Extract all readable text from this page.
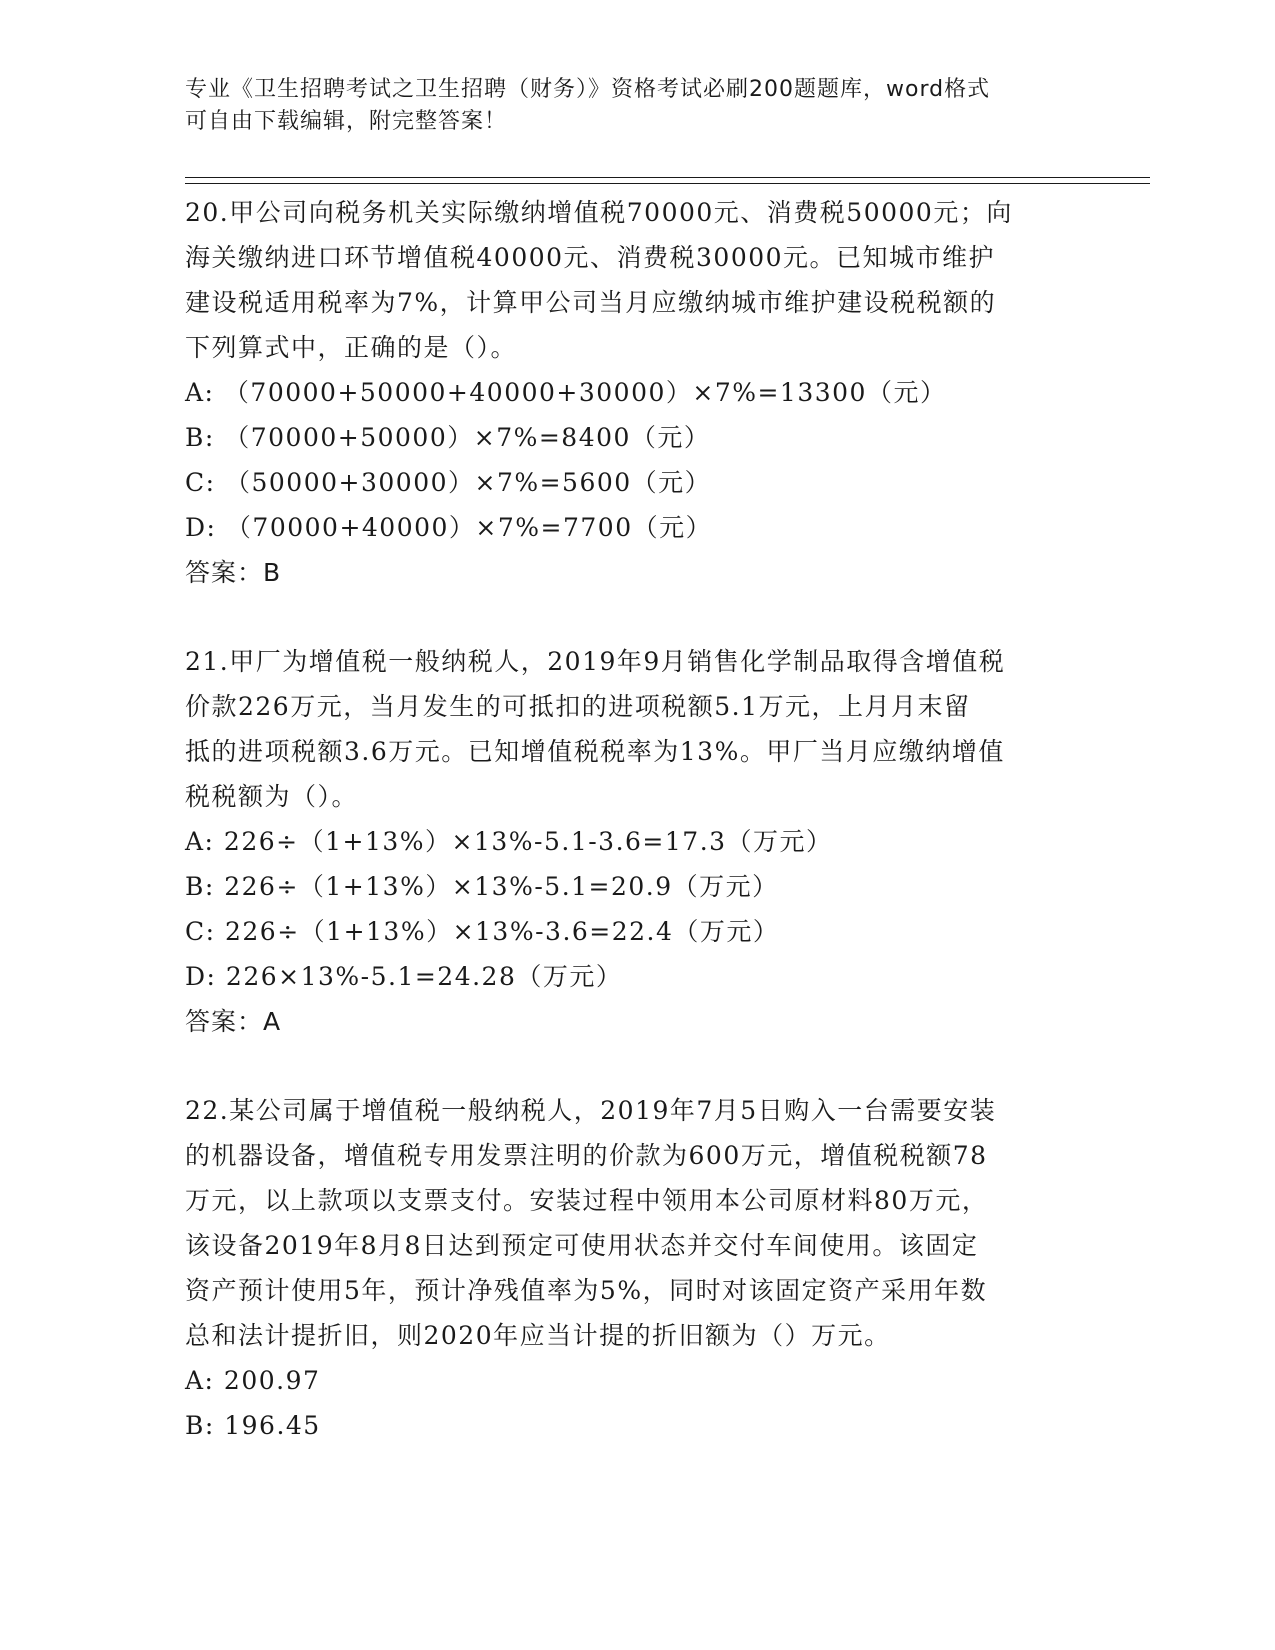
专业《卫生招聘考试之卫生招聘（财务）》资格考试必刷200题题库，word格式
可自由下载编辑，附完整答案！
20.甲公司向税务机关实际缴纳增值税70000元、消费税50000元；向
海关缴纳进口环节增值税40000元、消费税30000元。已知城市维护
建设税适用税率为7%，计算甲公司当月应缴纳城市维护建设税税额的
下列算式中，正确的是（）。
A: （70000+50000+40000+30000）×7%=13300（元）
B: （70000+50000）×7%=8400（元）
C: （50000+30000）×7%=5600（元）
D: （70000+40000）×7%=7700（元）
答案：B
21.甲厂为增值税一般纳税人，2019年9月销售化学制品取得含增值税
价款226万元，当月发生的可抵扣的进项税额5.1万元，上月月末留
抵的进项税额3.6万元。已知增值税税率为13%。甲厂当月应缴纳增值
税税额为（）。
A: 226÷（1+13%）×13%-5.1-3.6=17.3（万元）
B: 226÷（1+13%）×13%-5.1=20.9（万元）
C: 226÷（1+13%）×13%-3.6=22.4（万元）
D: 226×13%-5.1=24.28（万元）
答案：A
22.某公司属于增值税一般纳税人，2019年7月5日购入一台需要安装
的机器设备，增值税专用发票注明的价款为600万元，增值税税额78
万元，以上款项以支票支付。安装过程中领用本公司原材料80万元，
该设备2019年8月8日达到预定可使用状态并交付车间使用。该固定
资产预计使用5年，预计净残值率为5%，同时对该固定资产采用年数
总和法计提折旧，则2020年应当计提的折旧额为（）万元。
A: 200.97
B: 196.45
